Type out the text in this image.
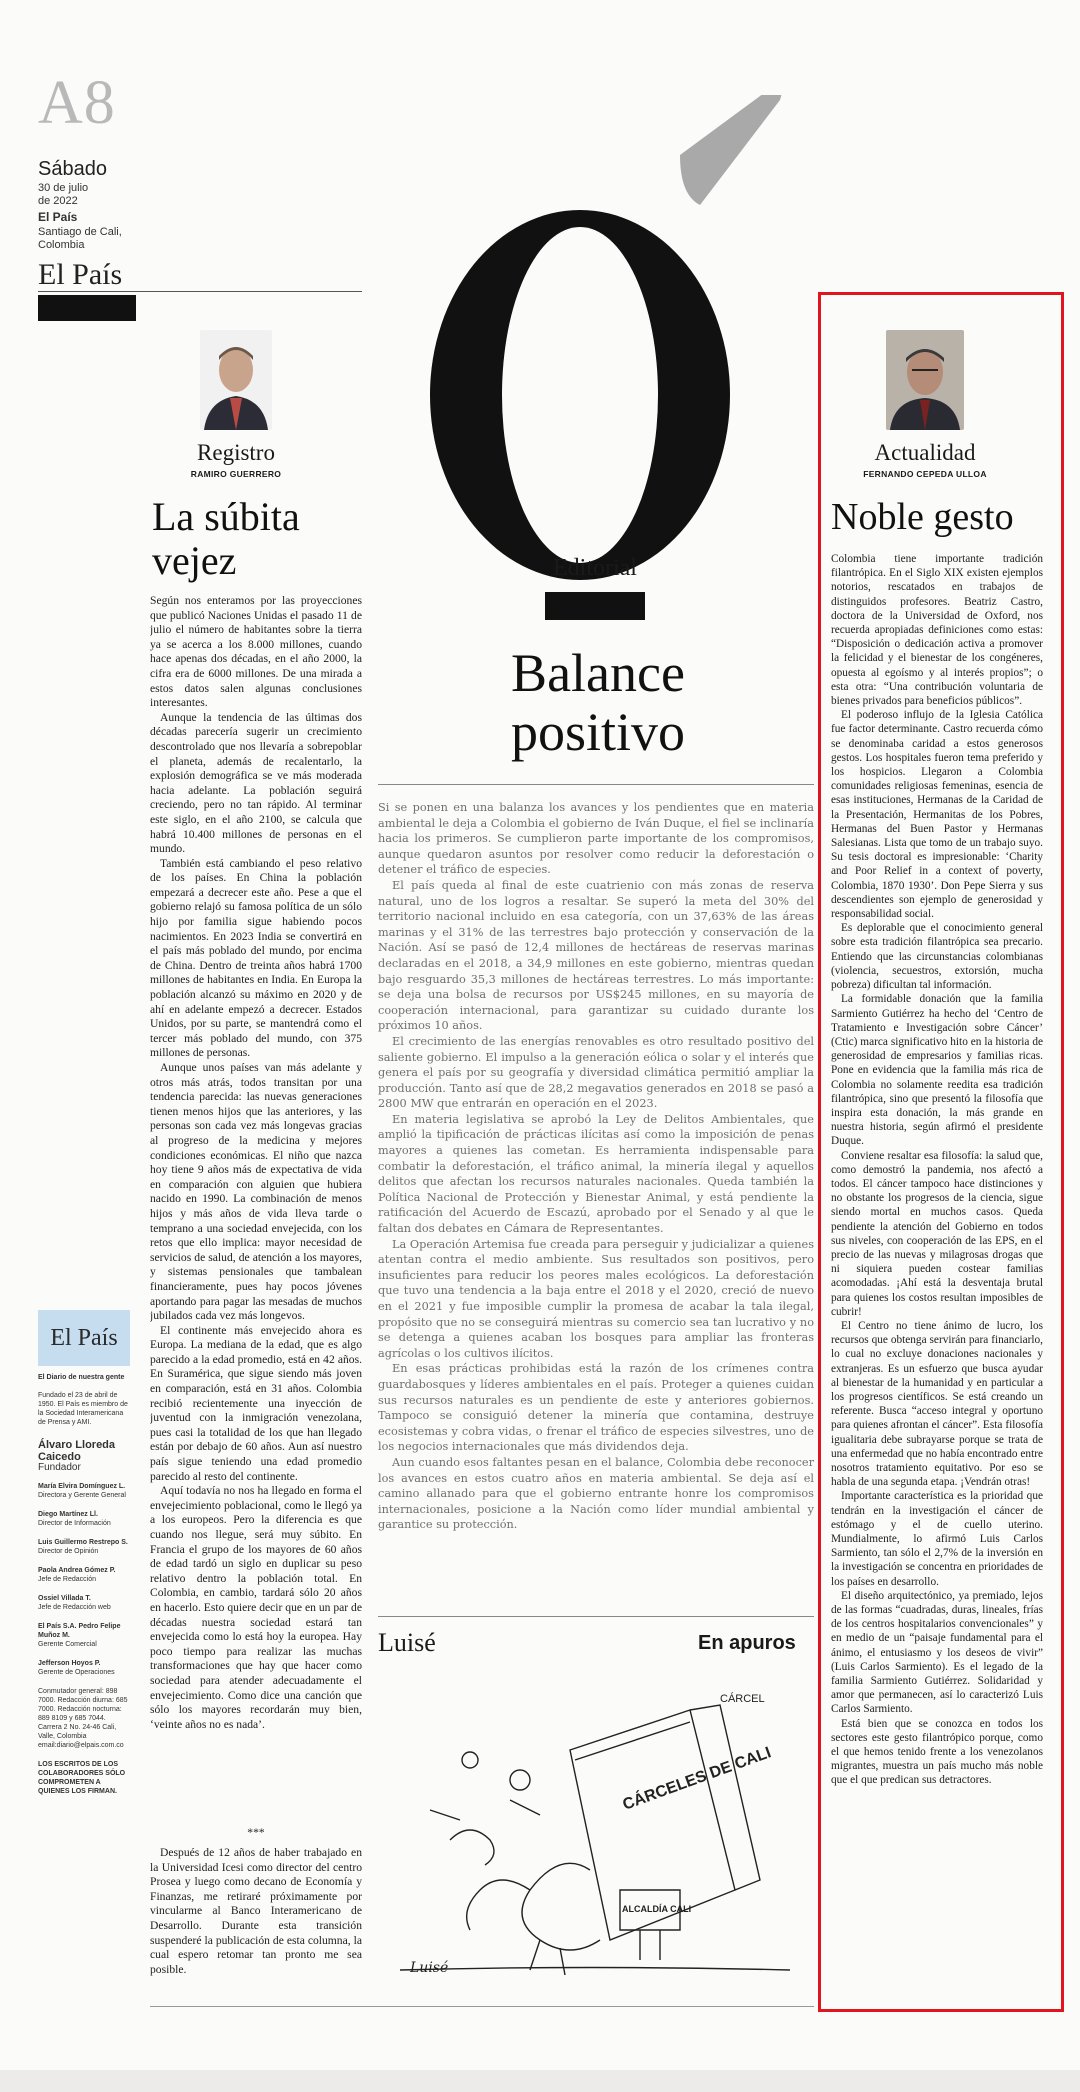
A8
Sábado
30 de julio
de 2022
El País
Santiago de Cali,
Colombia
El País
Registro
RAMIRO GUERRERO
La súbita
vejez

Según nos enteramos por las proyecciones que publicó Naciones Unidas el pasado 11 de julio el número de habitantes sobre la tierra ya se acerca a los 8.000 millones, cuando hace apenas dos décadas, en el año 2000, la cifra era de 6000 millones. De una mirada a estos datos salen algunas conclusiones interesantes.

Aunque la tendencia de las últimas dos décadas parecería sugerir un crecimiento descontrolado que nos llevaría a sobrepoblar el planeta, además de recalentarlo, la explosión demográfica se ve más moderada hacia adelante. La población seguirá creciendo, pero no tan rápido. Al terminar este siglo, en el año 2100, se calcula que habrá 10.400 millones de personas en el mundo.

También está cambiando el peso relativo de los países. En China la población empezará a decrecer este año. Pese a que el gobierno relajó su famosa política de un sólo hijo por familia sigue habiendo pocos nacimientos. En 2023 India se convertirá en el país más poblado del mundo, por encima de China. Dentro de treinta años habrá 1700 millones de habitantes en India. En Europa la población alcanzó su máximo en 2020 y de ahí en adelante empezó a decrecer. Estados Unidos, por su parte, se mantendrá como el tercer más poblado del mundo, con 375 millones de personas.

Aunque unos países van más adelante y otros más atrás, todos transitan por una tendencia parecida: las nuevas generaciones tienen menos hijos que las anteriores, y las personas son cada vez más longevas gracias al progreso de la medicina y mejores condiciones económicas. El niño que nazca hoy tiene 9 años más de expectativa de vida en comparación con alguien que hubiera nacido en 1990. La combinación de menos hijos y más años de vida lleva tarde o temprano a una sociedad envejecida, con los retos que ello implica: mayor necesidad de servicios de salud, de atención a los mayores, y sistemas pensionales que tambalean financieramente, pues hay pocos jóvenes aportando para pagar las mesadas de muchos jubilados cada vez más longevos.

El continente más envejecido ahora es Europa. La mediana de la edad, que es algo parecido a la edad promedio, está en 42 años. En Suramérica, que sigue siendo más joven en comparación, está en 31 años. Colombia recibió recientemente una inyección de juventud con la inmigración venezolana, pues casi la totalidad de los que han llegado están por debajo de 60 años. Aun así nuestro país sigue teniendo una edad promedio parecido al resto del continente.

Aquí todavía no nos ha llegado en forma el envejecimiento poblacional, como le llegó ya a los europeos. Pero la diferencia es que cuando nos llegue, será muy súbito. En Francia el grupo de los mayores de 60 años de edad tardó un siglo en duplicar su peso relativo dentro la población total. En Colombia, en cambio, tardará sólo 20 años en hacerlo. Esto quiere decir que en un par de décadas nuestra sociedad estará tan envejecida como lo está hoy la europea. Hay poco tiempo para realizar las muchas transformaciones que hay que hacer como sociedad para atender adecuadamente el envejecimiento. Como dice una canción que sólo los mayores recordarán muy bien, ‘veinte años no es nada’.

***

Después de 12 años de haber trabajado en la Universidad Icesi como director del centro Prosea y luego como decano de Economía y Finanzas, me retiraré próximamente por vincularme al Banco Interamericano de Desarrollo. Durante esta transición suspenderé la publicación de esta columna, la cual espero retomar tan pronto me sea posible.

El País
El Diario de nuestra gente
Fundado el 23 de abril de 1950. El País es miembro de la Sociedad Interamericana de Prensa y AMI.
Álvaro Lloreda Caicedo
Fundador
María Elvira Domínguez L.
Directora y Gerente General
Diego Martínez Ll.
Director de Información
Luis Guillermo Restrepo S.
Director de Opinión
Paola Andrea Gómez P.
Jefe de Redacción
Ossiel Villada T.
Jefe de Redacción web
El País S.A. Pedro Felipe Muñoz M.
Gerente Comercial
Jefferson Hoyos P.
Gerente de Operaciones
Conmutador general: 898 7000. Redacción diurna: 685 7000. Redacción nocturna: 889 8109 y 685 7044. Carrera 2 No. 24-46 Cali, Valle, Colombia email:diario@elpais.com.co
LOS ESCRITOS DE LOS COLABORADORES SÓLO COMPROMETEN A QUIENES LOS FIRMAN.
Editorial
Balance
positivo

Si se ponen en una balanza los avances y los pendientes que en materia ambiental le deja a Colombia el gobierno de Iván Duque, el fiel se inclinaría hacia los primeros. Se cumplieron parte importante de los compromisos, aunque quedaron asuntos por resolver como reducir la deforestación o detener el tráfico de especies.

El país queda al final de este cuatrienio con más zonas de reserva natural, uno de los logros a resaltar. Se superó la meta del 30% del territorio nacional incluido en esa categoría, con un 37,63% de las áreas marinas y el 31% de las terrestres bajo protección y conservación de la Nación. Así se pasó de 12,4 millones de hectáreas de reservas marinas declaradas en el 2018, a 34,9 millones en este gobierno, mientras quedan bajo resguardo 35,3 millones de hectáreas terrestres. Lo más importante: se deja una bolsa de recursos por US$245 millones, en su mayoría de cooperación internacional, para garantizar su cuidado durante los próximos 10 años.

El crecimiento de las energías renovables es otro resultado positivo del saliente gobierno. El impulso a la generación eólica o solar y el interés que genera el país por su geografía y diversidad climática permitió ampliar la producción. Tanto así que de 28,2 megavatios generados en 2018 se pasó a 2800 MW que entrarán en operación en el 2023.

En materia legislativa se aprobó la Ley de Delitos Ambientales, que amplió la tipificación de prácticas ilícitas así como la imposición de penas mayores a quienes las cometan. Es herramienta indispensable para combatir la deforestación, el tráfico animal, la minería ilegal y aquellos delitos que afectan los recursos naturales nacionales. Queda también la Política Nacional de Protección y Bienestar Animal, y está pendiente la ratificación del Acuerdo de Escazú, aprobado por el Senado y al que le faltan dos debates en Cámara de Representantes.

La Operación Artemisa fue creada para perseguir y judicializar a quienes atentan contra el medio ambiente. Sus resultados son positivos, pero insuficientes para reducir los peores males ecológicos. La deforestación que tuvo una tendencia a la baja entre el 2018 y el 2020, creció de nuevo en el 2021 y fue imposible cumplir la promesa de acabar la tala ilegal, propósito que no se conseguirá mientras su comercio sea tan lucrativo y no se detenga a quienes acaban los bosques para ampliar las fronteras agrícolas o los cultivos ilícitos.

En esas prácticas prohibidas está la razón de los crímenes contra guardabosques y líderes ambientales en el país. Proteger a quienes cuidan sus recursos naturales es un pendiente de este y anteriores gobiernos. Tampoco se consiguió detener la minería que contamina, destruye ecosistemas y cobra vidas, o frenar el tráfico de especies silvestres, uno de los negocios internacionales que más dividendos deja.

Aun cuando esos faltantes pesan en el balance, Colombia debe reconocer los avances en estos cuatro años en materia ambiental. Se deja así el camino allanado para que el gobierno entrante honre los compromisos internacionales, posicione a la Nación como líder mundial ambiental y garantice su protección.

Luisé	En apuros
CÁRCELES DE CALI
CÁRCEL
ALCALDÍA CALI
Luisé
Actualidad
FERNANDO CEPEDA ULLOA
Noble gesto

Colombia tiene importante tradición filantrópica. En el Siglo XIX existen ejemplos notorios, rescatados en trabajos de distinguidos profesores. Beatriz Castro, doctora de la Universidad de Oxford, nos recuerda apropiadas definiciones como estas: “Disposición o dedicación activa a promover la felicidad y el bienestar de los congéneres, opuesta al egoísmo y al interés propios”; o esta otra: “Una contribución voluntaria de bienes privados para beneficios públicos”.

El poderoso influjo de la Iglesia Católica fue factor determinante. Castro recuerda cómo se denominaba caridad a estos generosos gestos. Los hospitales fueron tema preferido y los hospicios. Llegaron a Colombia comunidades religiosas femeninas, esencia de esas instituciones, Hermanas de la Caridad de la Presentación, Hermanitas de los Pobres, Hermanas del Buen Pastor y Hermanas Salesianas. Lista que tomo de un trabajo suyo. Su tesis doctoral es impresionable: ‘Charity and Poor Relief in a context of poverty, Colombia, 1870 1930’. Don Pepe Sierra y sus descendientes son ejemplo de generosidad y responsabilidad social.

Es deplorable que el conocimiento general sobre esta tradición filantrópica sea precario. Entiendo que las circunstancias colombianas (violencia, secuestros, extorsión, mucha pobreza) dificultan tal información.

La formidable donación que la familia Sarmiento Gutiérrez ha hecho del ‘Centro de Tratamiento e Investigación sobre Cáncer’ (Ctic) marca significativo hito en la historia de generosidad de empresarios y familias ricas. Pone en evidencia que la familia más rica de Colombia no solamente reedita esa tradición filantrópica, sino que presentó la filosofía que inspira esta donación, la más grande en nuestra historia, según afirmó el presidente Duque.

Conviene resaltar esa filosofía: la salud que, como demostró la pandemia, nos afectó a todos. El cáncer tampoco hace distinciones y no obstante los progresos de la ciencia, sigue siendo mortal en muchos casos. Queda pendiente la atención del Gobierno en todos sus niveles, con cooperación de las EPS, en el precio de las nuevas y milagrosas drogas que ni siquiera pueden costear familias acomodadas. ¡Ahí está la desventaja brutal para quienes los costos resultan imposibles de cubrir!

El Centro no tiene ánimo de lucro, los recursos que obtenga servirán para financiarlo, lo cual no excluye donaciones nacionales y extranjeras. Es un esfuerzo que busca ayudar al bienestar de la humanidad y en particular a los progresos científicos. Se está creando un referente. Busca “acceso integral y oportuno para quienes afrontan el cáncer”. Esta filosofía igualitaria debe subrayarse porque se trata de una enfermedad que no había encontrado entre nosotros tratamiento equitativo. Por eso se habla de una segunda etapa. ¡Vendrán otras!

Importante característica es la prioridad que tendrán en la investigación el cáncer de estómago y el de cuello uterino. Mundialmente, lo afirmó Luis Carlos Sarmiento, tan sólo el 2,7% de la inversión en la investigación se concentra en prioridades de los países en desarrollo.

El diseño arquitectónico, ya premiado, lejos de las formas “cuadradas, duras, lineales, frías de los centros hospitalarios convencionales” y en medio de un “paisaje fundamental para el ánimo, el entusiasmo y los deseos de vivir” (Luis Carlos Sarmiento). Es el legado de la familia Sarmiento Gutiérrez. Solidaridad y amor que permanecen, así lo caracterizó Luis Carlos Sarmiento.

Está bien que se conozca en todos los sectores este gesto filantrópico porque, como el que hemos tenido frente a los venezolanos migrantes, muestra un país mucho más noble que el que predican sus detractores.
